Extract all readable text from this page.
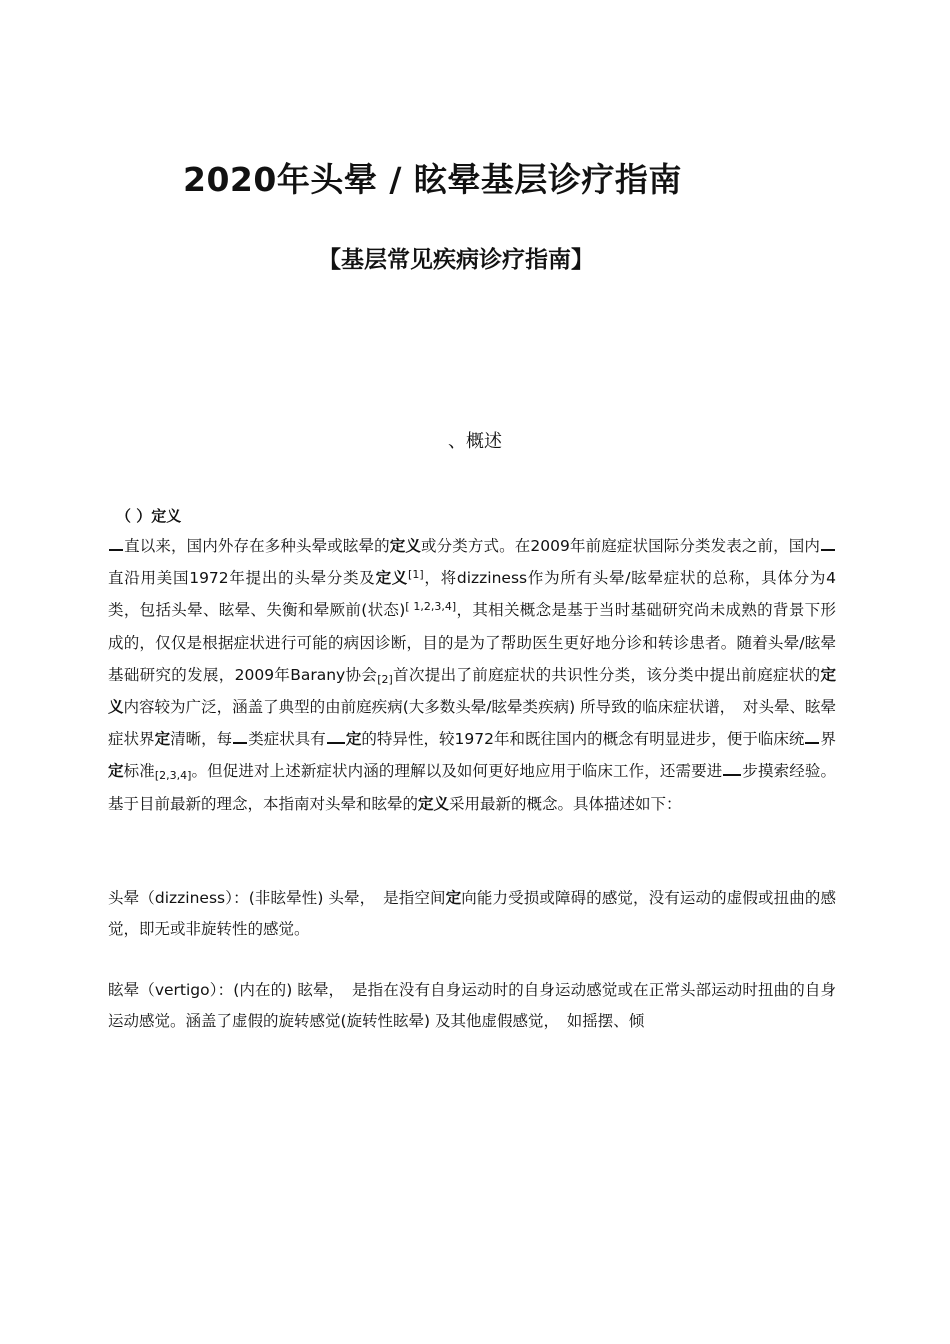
2020年头晕 / 眩晕基层诊疗指南
【基层常见疾病诊疗指南】
、概述
（ ）定义
直以来，国内外存在多种头晕或眩晕的定义或分类方式。在2009年前庭症状国际分类发表之前，国内直沿用美国1972年提出的头晕分类及定义[1]，将dizziness作为所有头晕/眩晕症状的总称，具体分为4类，包括头晕、眩晕、失衡和晕厥前(状态)[ 1,2,3,4]，其相关概念是基于当时基础研究尚未成熟的背景下形成的，仅仅是根据症状进行可能的病因诊断，目的是为了帮助医生更好地分诊和转诊患者。随着头晕/眩晕基础研究的发展，2009年Barany协会$_{[2]}$首次提出了前庭症状的共识性分类，该分类中提出前庭症状的定义内容较为广泛，涵盖了典型的由前庭疾病(大多数头晕/眩晕类疾病) 所导致的临床症状谱，　对头晕、眩晕症状界定清晰，每 类症状具有 定的特异性，较1972年和既往国内的概念有明显进步，便于临床统 界定标准$_{[2,3,4]}$。但促进对上述新症状内涵的理解以及如何更好地应用于临床工作，还需要进 步摸索经验。基于目前最新的理念，本指南对头晕和眩晕的定义采用最新的概念。具体描述如下：
头晕（dizziness）：(非眩晕性) 头晕，　是指空间定向能力受损或障碍的感觉，没有运动的虚假或扭曲的感觉，即无或非旋转性的感觉。
眩晕（vertigo）：(内在的) 眩晕，　是指在没有自身运动时的自身运动感觉或在正常头部运动时扭曲的自身运动感觉。涵盖了虚假的旋转感觉(旋转性眩晕) 及其他虚假感觉，　如摇摆、倾
